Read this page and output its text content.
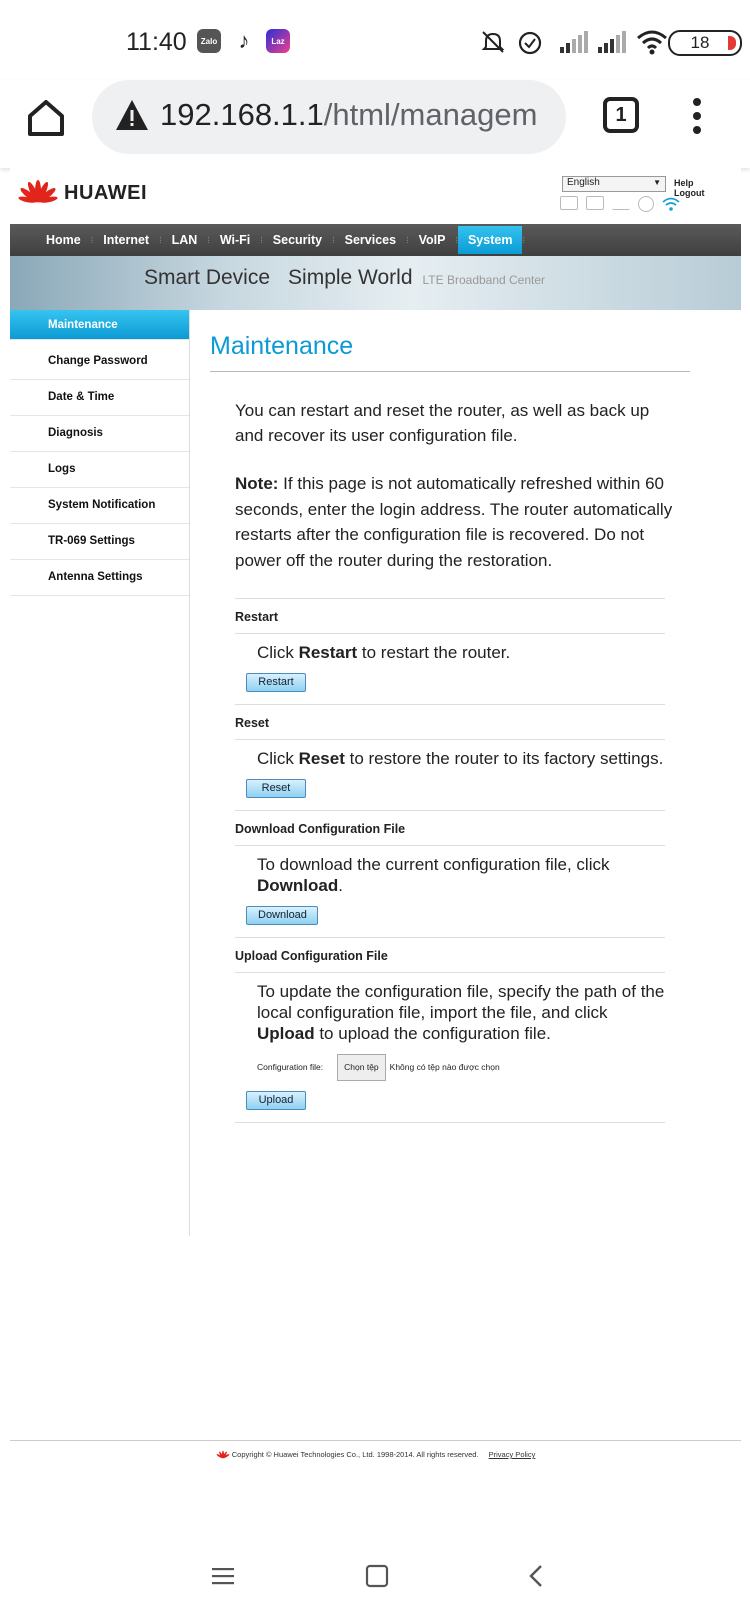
11:40	Zalo ♪	Laz	18
192.168.1.1/html/managem	1
HUAWEI	English	▼ Help Logout
Home	⁞ Internet	⁞ LAN	⁞ Wi-Fi	⁞ Security	⁞ Services	⁞ VoIP	⁞ System	⁞
Smart Device Simple World LTE Broadband Center
Maintenance
Change Password
Date & Time
Diagnosis
Logs
System Notification
TR-069 Settings
Antenna Settings
Maintenance

You can restart and reset the router, as well as back up and recover its user configuration file.

Note: If this page is not automatically refreshed within 60 seconds, enter the login address. The router automatically restarts after the configuration file is recovered. Do not power off the router during the restoration.

Restart
Click Restart to restart the router.
Restart
Reset
Click Reset to restore the router to its factory settings.
Reset
Download Configuration File
To download the current configuration file, click Download.
Download
Upload Configuration File
To update the configuration file, specify the path of the local configuration file, import the file, and click Upload to upload the configuration file.
Configuration file:	Chọn tệp	Không có tệp nào được chọn
Upload
Copyright © Huawei Technologies Co., Ltd. 1998-2014. All rights reserved. Privacy Policy
